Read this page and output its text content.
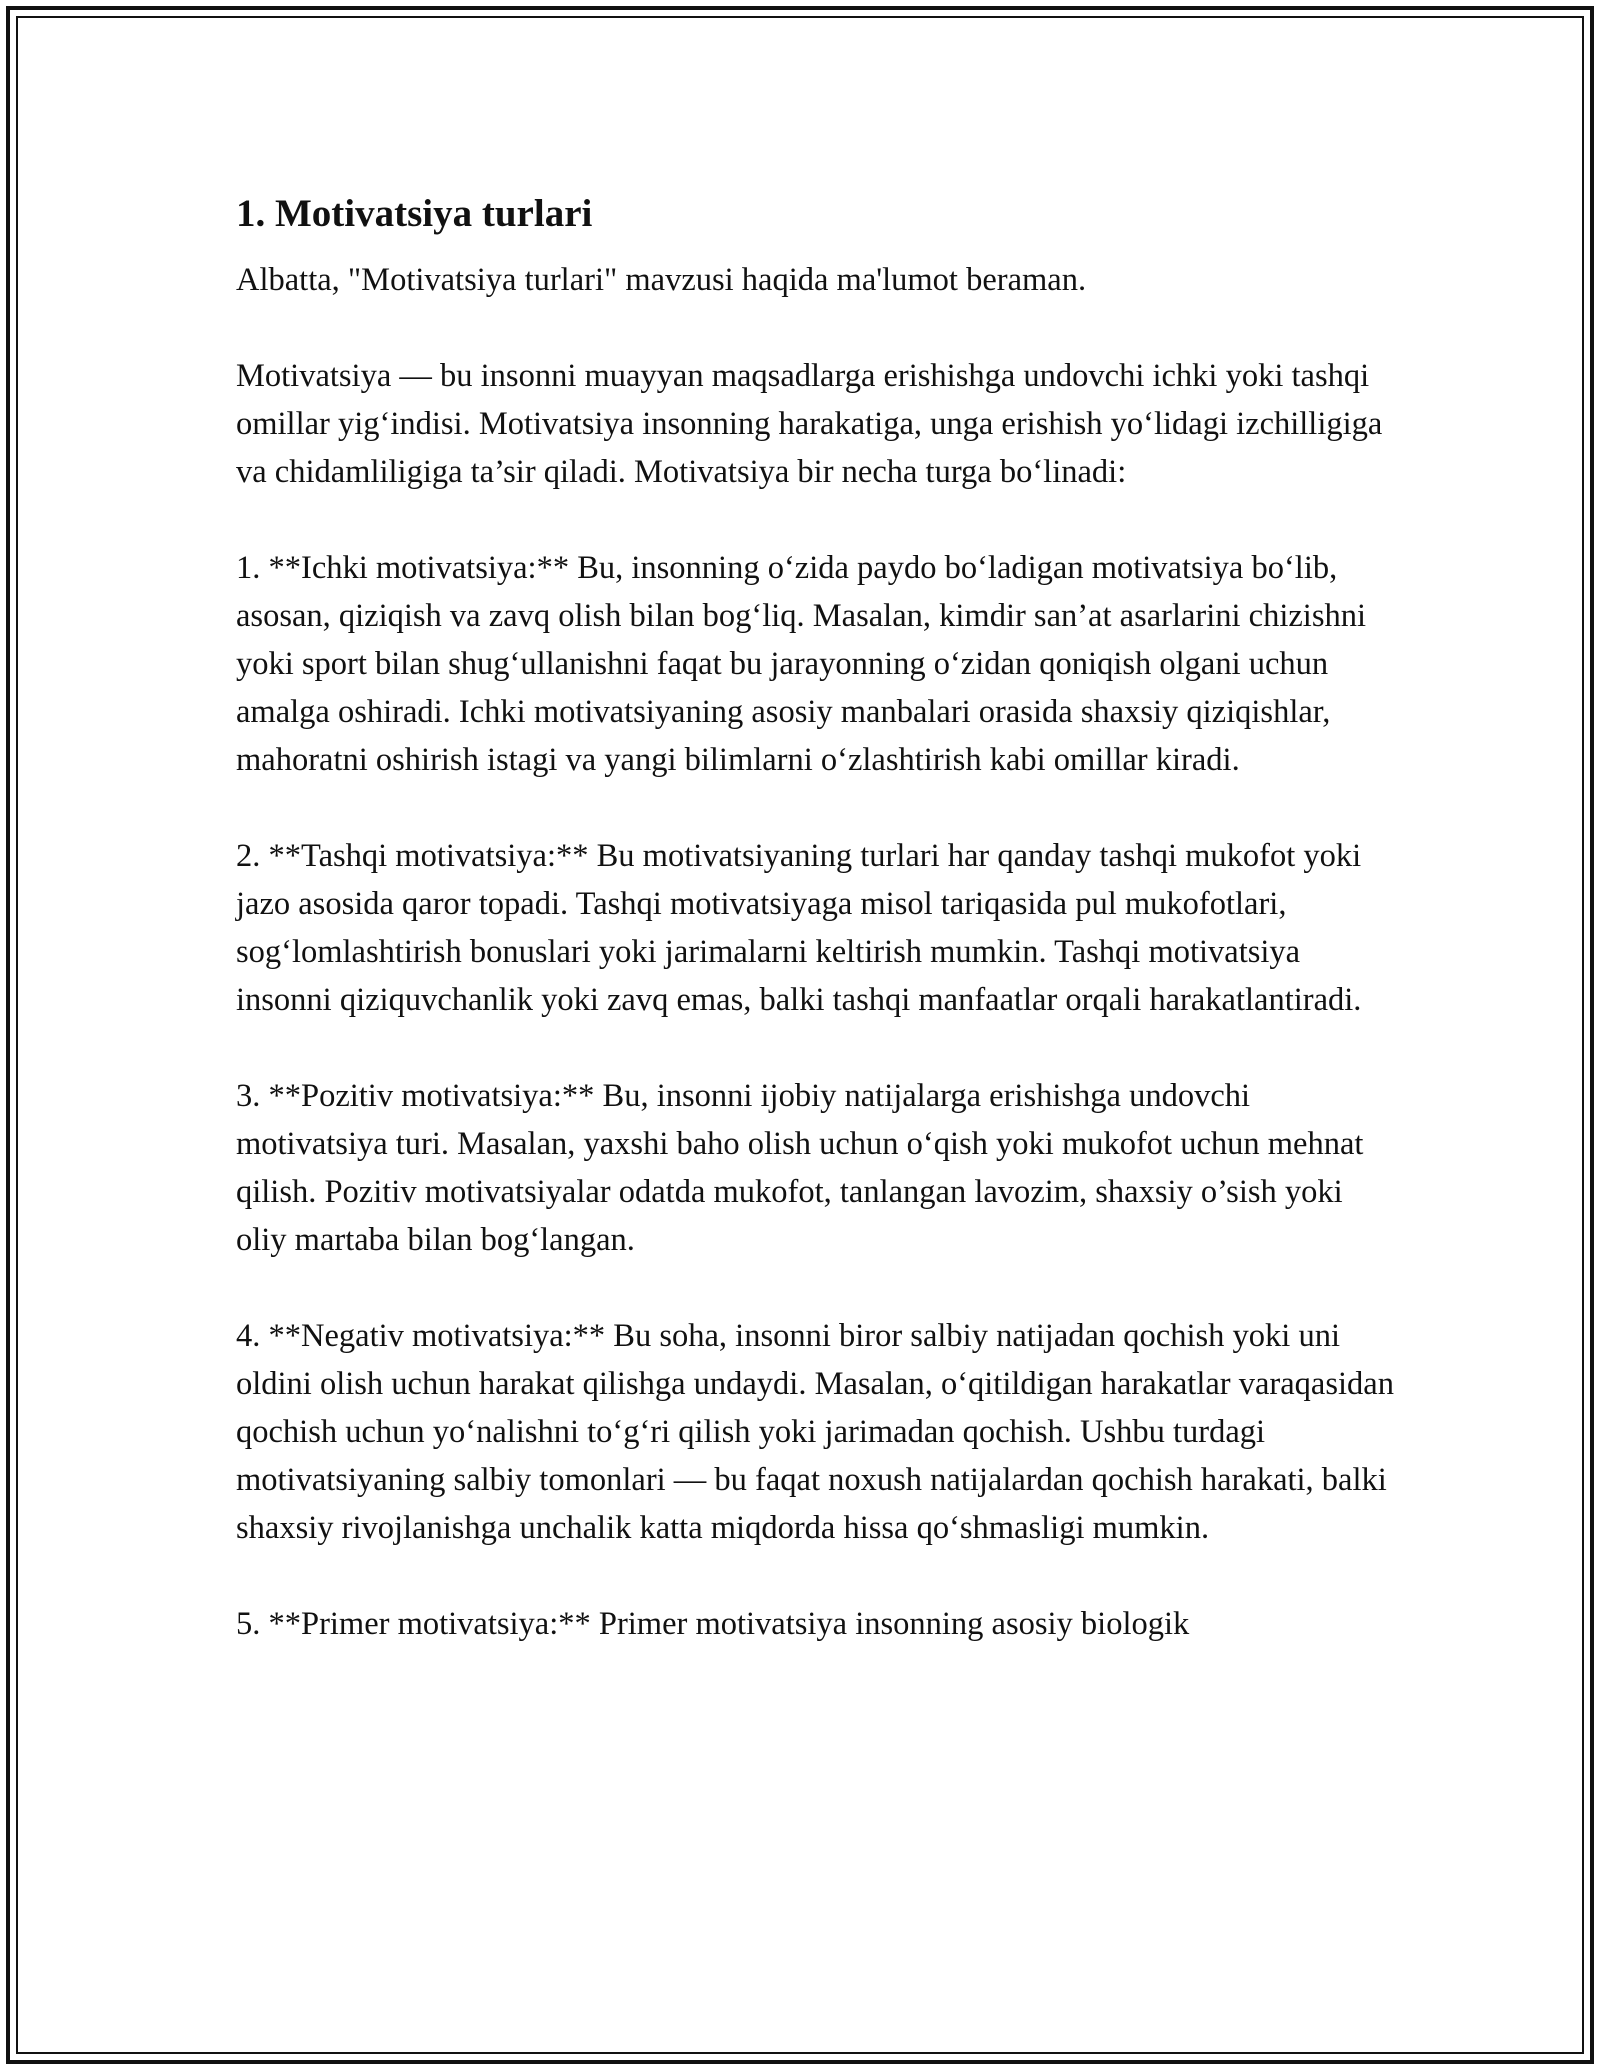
1. Motivatsiya turlari

Albatta, "Motivatsiya turlari" mavzusi haqida ma'lumot beraman.

Motivatsiya — bu insonni muayyan maqsadlarga erishishga undovchi ichki yoki tashqi omillar yig‘indisi. Motivatsiya insonning harakatiga, unga erishish yo‘lidagi izchilligiga va chidamliligiga ta’sir qiladi. Motivatsiya bir necha turga bo‘linadi:

1. **Ichki motivatsiya:** Bu, insonning o‘zida paydo bo‘ladigan motivatsiya bo‘lib, asosan, qiziqish va zavq olish bilan bog‘liq. Masalan, kimdir san’at asarlarini chizishni yoki sport bilan shug‘ullanishni faqat bu jarayonning o‘zidan qoniqish olgani uchun amalga oshiradi. Ichki motivatsiyaning asosiy manbalari orasida shaxsiy qiziqishlar, mahoratni oshirish istagi va yangi bilimlarni o‘zlashtirish kabi omillar kiradi.

2. **Tashqi motivatsiya:** Bu motivatsiyaning turlari har qanday tashqi mukofot yoki jazo asosida qaror topadi. Tashqi motivatsiyaga misol tariqasida pul mukofotlari, sog‘lomlashtirish bonuslari yoki jarimalarni keltirish mumkin. Tashqi motivatsiya insonni qiziquvchanlik yoki zavq emas, balki tashqi manfaatlar orqali harakatlantiradi.

3. **Pozitiv motivatsiya:** Bu, insonni ijobiy natijalarga erishishga undovchi motivatsiya turi. Masalan, yaxshi baho olish uchun o‘qish yoki mukofot uchun mehnat qilish. Pozitiv motivatsiyalar odatda mukofot, tanlangan lavozim, shaxsiy o’sish yoki oliy martaba bilan bog‘langan.

4. **Negativ motivatsiya:** Bu soha, insonni biror salbiy natijadan qochish yoki uni oldini olish uchun harakat qilishga undaydi. Masalan, o‘qitildigan harakatlar varaqasidan qochish uchun yo‘nalishni to‘g‘ri qilish yoki jarimadan qochish. Ushbu turdagi motivatsiyaning salbiy tomonlari — bu faqat noxush natijalardan qochish harakati, balki shaxsiy rivojlanishga unchalik katta miqdorda hissa qo‘shmasligi mumkin.

5. **Primer motivatsiya:** Primer motivatsiya insonning asosiy biologik
